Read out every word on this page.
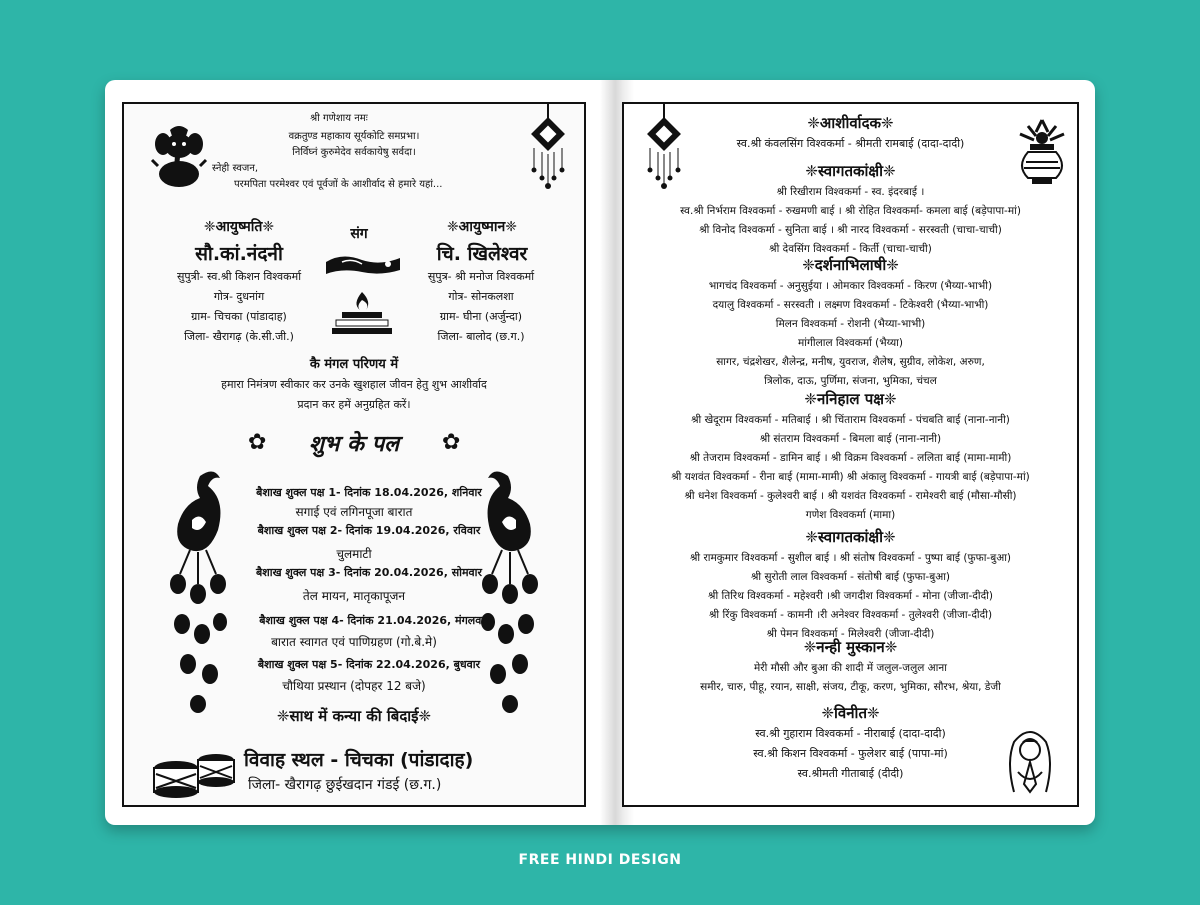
श्री गणेशाय नमः
वक्रतुण्ड महाकाय सूर्यकोटि समप्रभा।
निर्विघ्नं कुरुमेदेव सर्वकायेषु सर्वदा।
स्नेही स्वजन,
परमपिता परमेश्वर एवं पूर्वजों के आशीर्वाद से हमारे यहां...
❈आयुष्मति❈
सौ.कां.नंदनी
सुपुत्री- स्व.श्री किशन विश्वकर्मा
गोत्र- दुधनांग
ग्राम- चिचका (पांडादाह)
जिला- खैरागढ़ (के.सी.जी.)
संग	❈आयुष्मान❈
चि. खिलेश्वर
सुपुत्र- श्री मनोज विश्वकर्मा
गोत्र- सोनकलशा
ग्राम- घीना (अर्जुन्दा)
जिला- बालोद (छ.ग.)
कै मंगल परिणय में
हमारा निमंत्रण स्वीकार कर उनके खुशहाल जीवन हेतु शुभ आशीर्वाद
प्रदान कर हमें अनुग्रहित करें।
✿	शुभ के पल	✿
बैशाख शुक्ल पक्ष 1- दिनांक 18.04.2026, शनिवार
सगाई एवं लगिनपूजा बारात
बैशाख शुक्ल पक्ष 2- दिनांक 19.04.2026, रविवार
चुलमाटी
बैशाख शुक्ल पक्ष 3- दिनांक 20.04.2026, सोमवार
तेल मायन, मातृकापूजन
बैशाख शुक्ल पक्ष 4- दिनांक 21.04.2026, मंगलवार
बारात स्वागत एवं पाणिग्रहण (गो.बे.मे)
बैशाख शुक्ल पक्ष 5- दिनांक 22.04.2026, बुधवार
चौथिया प्रस्थान (दोपहर 12 बजे)
❈साथ में कन्या की बिदाई❈
विवाह स्थल - चिचका (पांडादाह)
जिला- खैरागढ़ छुईखदान गंडई (छ.ग.)
❈आशीर्वादक❈
स्व.श्री कंवलसिंग विश्वकर्मा - श्रीमती रामबाई (दादा-दादी)
❈स्वागतकांक्षी❈
श्री रिखीराम विश्वकर्मा - स्व. इंदरबाई ।
स्व.श्री निर्भराम विश्वकर्मा - रुखमणी बाई । श्री रोहित विश्वकर्मा- कमला बाई (बड़ेपापा-मां)
श्री विनोद विश्वकर्मा - सुनिता बाई । श्री नारद विश्वकर्मा - सरस्वती (चाचा-चाची)
श्री देवसिंग विश्वकर्मा - किर्ती (चाचा-चाची)
❈दर्शनाभिलाषी❈
भागचंद विश्वकर्मा - अनुसुईया । ओमकार विश्वकर्मा - किरण (भैय्या-भाभी)
दयालु विश्वकर्मा - सरस्वती । लक्ष्मण विश्वकर्मा - टिकेश्वरी (भैय्या-भाभी)
मिलन विश्वकर्मा - रोशनी (भैय्या-भाभी)
मांगीलाल विश्वकर्मा (भैय्या)
सागर, चंद्रशेखर, शैलेन्द्र, मनीष, युवराज, शैलेष, सुग्रीव, लोकेश, अरुण,
त्रिलोक, दाऊ, पुर्णिमा, संजना, भुमिका, चंचल
❈ननिहाल पक्ष❈
श्री खेदूराम विश्वकर्मा - मतिबाई । श्री चिंताराम विश्वकर्मा - पंचबति बाई (नाना-नानी)
श्री संतराम विश्वकर्मा - बिमला बाई (नाना-नानी)
श्री तेजराम विश्वकर्मा - डामिन बाई । श्री विक्रम विश्वकर्मा - ललिता बाई (मामा-मामी)
श्री यशवंत विश्वकर्मा - रीना बाई (मामा-मामी) श्री अंकालु विश्वकर्मा - गायत्री बाई (बड़ेपापा-मां)
श्री धनेश विश्वकर्मा - कुलेश्वरी बाई । श्री यशवंत विश्वकर्मा - रामेश्वरी बाई (मौसा-मौसी)
गणेश विश्वकर्मा (मामा)
❈स्वागतकांक्षी❈
श्री रामकुमार विश्वकर्मा - सुशील बाई । श्री संतोष विश्वकर्मा - पुष्पा बाई (फुफा-बुआ)
श्री सुरोती लाल विश्वकर्मा - संतोषी बाई (फुफा-बुआ)
श्री तिरिथ विश्वकर्मा - महेश्वरी ।श्री जगदीश विश्वकर्मा - मोना (जीजा-दीदी)
श्री रिंकु विश्वकर्मा - कामनी ।री अनेश्वर विश्वकर्मा - तुलेश्वरी (जीजा-दीदी)
श्री पेमन विश्वकर्मा - मिलेश्वरी (जीजा-दीदी)
❈नन्ही मुस्कान❈
मेरी मौसी और बुआ की शादी में जलुल-जलुल आना
समीर, चारु, पीहू, रयान, साक्षी, संजय, टीकू, करण, भुमिका, सौरभ, श्रेया, डेजी
❈विनीत❈
स्व.श्री गुहाराम विश्वकर्मा - नीराबाई (दादा-दादी)
स्व.श्री किशन विश्वकर्मा - फुलेशर बाई (पापा-मां)
स्व.श्रीमती गीताबाई (दीदी)
FREE HINDI DESIGN
